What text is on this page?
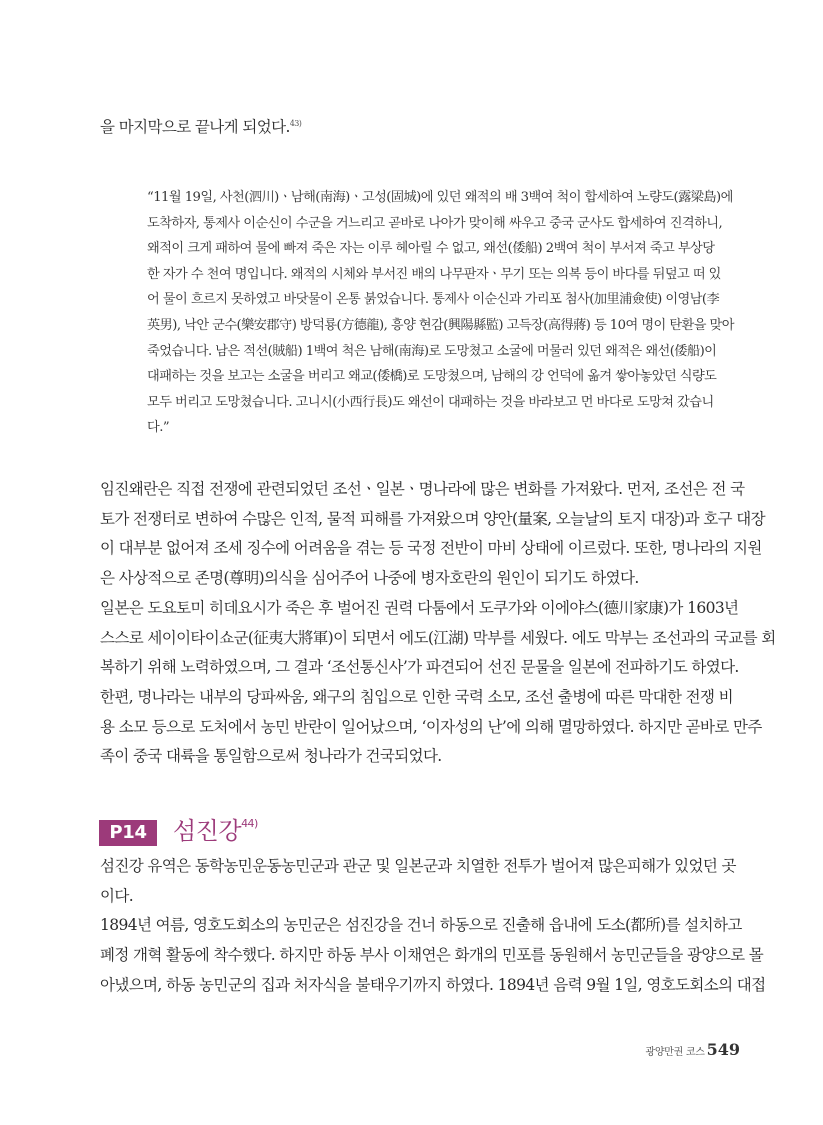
을 마지막으로 끝나게 되었다.$^{43)}$
“11월 19일, 사천(泗川)ㆍ남해(南海)ㆍ고성(固城)에 있던 왜적의 배 3백여 척이 합세하여 노량도(露梁島)에
도착하자, 통제사 이순신이 수군을 거느리고 곧바로 나아가 맞이해 싸우고 중국 군사도 합세하여 진격하니,
왜적이 크게 패하여 물에 빠져 죽은 자는 이루 헤아릴 수 없고, 왜선(倭船) 2백여 척이 부서져 죽고 부상당
한 자가 수 천여 명입니다. 왜적의 시체와 부서진 배의 나무판자ㆍ무기 또는 의복 등이 바다를 뒤덮고 떠 있
어 물이 흐르지 못하였고 바닷물이 온통 붉었습니다. 통제사 이순신과 가리포 첨사(加里浦僉使) 이영남(李
英男), 낙안 군수(樂安郡守) 방덕룡(方德龍), 흥양 현감(興陽縣監) 고득장(高得蔣) 등 10여 명이 탄환을 맞아
죽었습니다. 남은 적선(賊船) 1백여 척은 남해(南海)로 도망쳤고 소굴에 머물러 있던 왜적은 왜선(倭船)이
대패하는 것을 보고는 소굴을 버리고 왜교(倭橋)로 도망쳤으며, 남해의 강 언덕에 옮겨 쌓아놓았던 식량도
모두 버리고 도망쳤습니다. 고니시(小西行長)도 왜선이 대패하는 것을 바라보고 먼 바다로 도망쳐 갔습니
다.”
임진왜란은 직접 전쟁에 관련되었던 조선ㆍ일본ㆍ명나라에 많은 변화를 가져왔다. 먼저, 조선은 전 국
토가 전쟁터로 변하여 수많은 인적, 물적 피해를 가져왔으며 양안(量案, 오늘날의 토지 대장)과 호구 대장
이 대부분 없어져 조세 징수에 어려움을 겪는 등 국정 전반이 마비 상태에 이르렀다. 또한, 명나라의 지원
은 사상적으로 존명(尊明)의식을 심어주어 나중에 병자호란의 원인이 되기도 하였다.
일본은 도요토미 히데요시가 죽은 후 벌어진 권력 다툼에서 도쿠가와 이에야스(德川家康)가 1603년
스스로 세이이타이쇼군(征夷大將軍)이 되면서 에도(江湖) 막부를 세웠다. 에도 막부는 조선과의 국교를 회
복하기 위해 노력하였으며, 그 결과 ‘조선통신사’가 파견되어 선진 문물을 일본에 전파하기도 하였다.
한편, 명나라는 내부의 당파싸움, 왜구의 침입으로 인한 국력 소모, 조선 출병에 따른 막대한 전쟁 비
용 소모 등으로 도처에서 농민 반란이 일어났으며, ‘이자성의 난’에 의해 멸망하였다. 하지만 곧바로 만주
족이 중국 대륙을 통일함으로써 청나라가 건국되었다.
P14	섬진강$^{44)}$
섬진강 유역은 동학농민운동농민군과 관군 및 일본군과 치열한 전투가 벌어져 많은피해가 있었던 곳
이다.
1894년 여름, 영호도회소의 농민군은 섬진강을 건너 하동으로 진출해 읍내에 도소(都所)를 설치하고
폐정 개혁 활동에 착수했다. 하지만 하동 부사 이채연은 화개의 민포를 동원해서 농민군들을 광양으로 몰
아냈으며, 하동 농민군의 집과 처자식을 불태우기까지 하였다. 1894년 음력 9월 1일, 영호도회소의 대접
광양만권 코스 549
